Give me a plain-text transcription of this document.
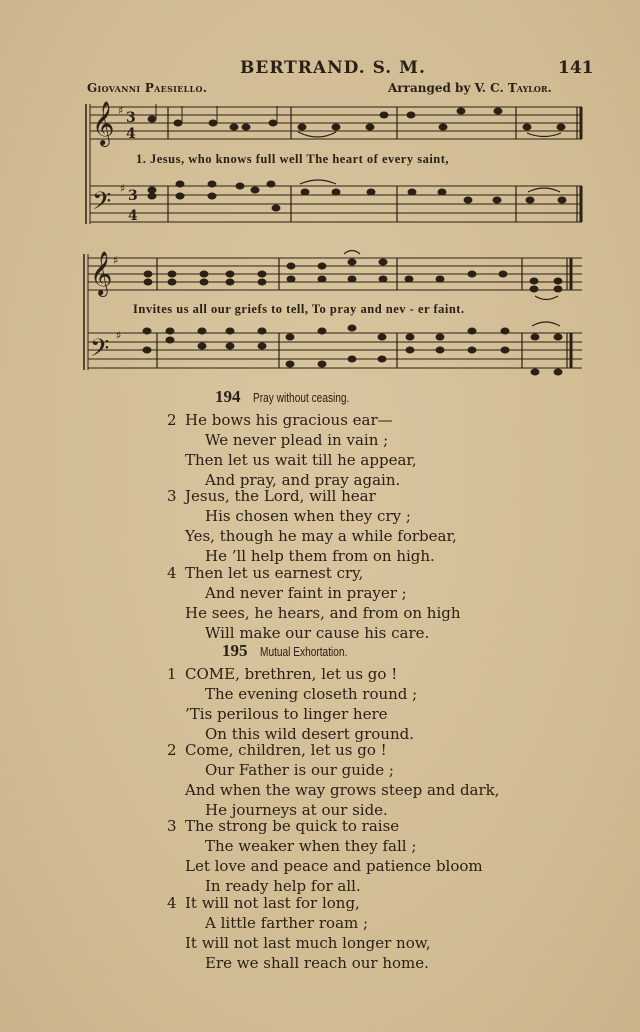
BERTRAND. S. M.	141
Giovanni Paesiello.	Arranged by V. C. Taylor.
𝄞
𝄢
𝄞
𝄢
♯
♯
♯
♯
3
4
3
4
1. Jesus, who knows full well The heart of every saint,
Invites us all our griefs to tell, To pray and nev - er faint.
194 Pray without ceasing.
2 He bows his gracious ear—
We never plead in vain ;
Then let us wait till he appear,
And pray, and pray again.
3 Jesus, the Lord, will hear
His chosen when they cry ;
Yes, though he may a while forbear,
He ’ll help them from on high.
4 Then let us earnest cry,
And never faint in prayer ;
He sees, he hears, and from on high
Will make our cause his care.
195 Mutual Exhortation.
1 COME, brethren, let us go !
The evening closeth round ;
’Tis perilous to linger here
On this wild desert ground.
2 Come, children, let us go !
Our Father is our guide ;
And when the way grows steep and dark,
He journeys at our side.
3 The strong be quick to raise
The weaker when they fall ;
Let love and peace and patience bloom
In ready help for all.
4 It will not last for long,
A little farther roam ;
It will not last much longer now,
Ere we shall reach our home.
